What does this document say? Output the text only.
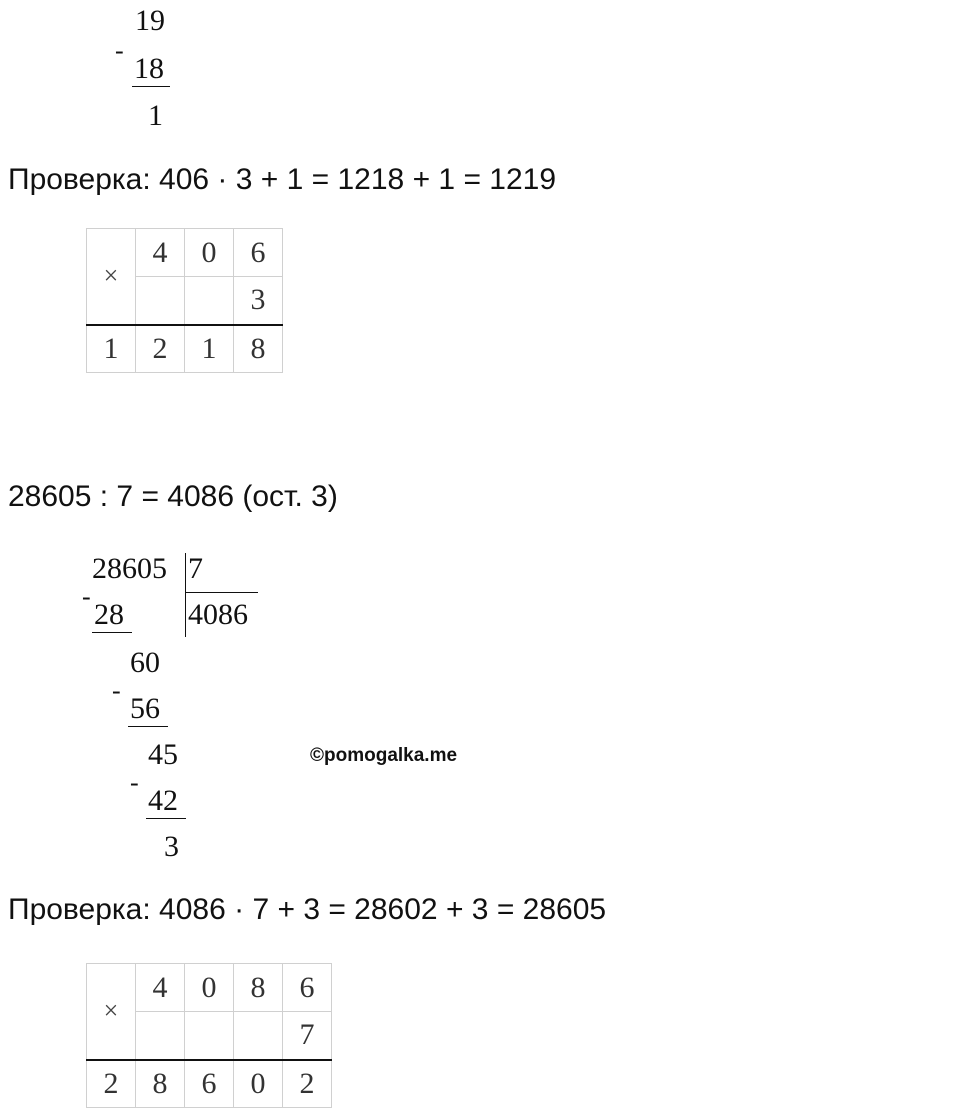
19
-
18
1
Проверка: 406 · 3 + 1 = 1218 + 1 = 1219
×	4	0	6
			3
1	2	1	8
28605 : 7 = 4086 (ост. 3)
28605 7
4086
-
28
60
-
56
45
-
42
3
©pomogalka.me
Проверка: 4086 · 7 + 3 = 28602 + 3 = 28605
×	4	0	8	6
				7
2	8	6	0	2
